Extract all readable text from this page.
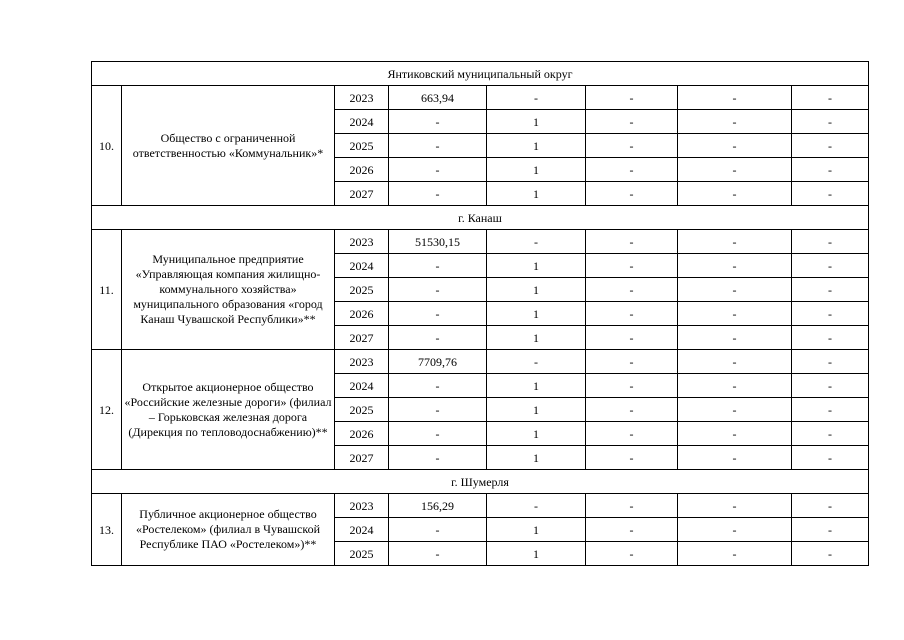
Янтиковский муниципальный округ							
10.	Общество с ограниченной ответственностью «Коммунальник»*	2023	663,94	-	-	-	-
		2024	-	1	-	-	-
		2025	-	1	-	-	-
		2026	-	1	-	-	-
		2027	-	1	-	-	-
г. Канаш							
11.	Муниципальное предприятие «Управляющая компания жилищно-коммунального хозяйства» муниципального образования «город Канаш Чувашской Республики»**	2023	51530,15	-	-	-	-
		2024	-	1	-	-	-
		2025	-	1	-	-	-
		2026	-	1	-	-	-
		2027	-	1	-	-	-
12.	Открытое акционерное общество «Российские железные дороги» (филиал – Горьковская железная дорога (Дирекция по тепловодоснабжению)**	2023	7709,76	-	-	-	-
		2024	-	1	-	-	-
		2025	-	1	-	-	-
		2026	-	1	-	-	-
		2027	-	1	-	-	-
г. Шумерля							
13.	Публичное акционерное общество «Ростелеком» (филиал в Чувашской Республике ПАО «Ростелеком»)**	2023	156,29	-	-	-	-
		2024	-	1	-	-	-
		2025	-	1	-	-	-
